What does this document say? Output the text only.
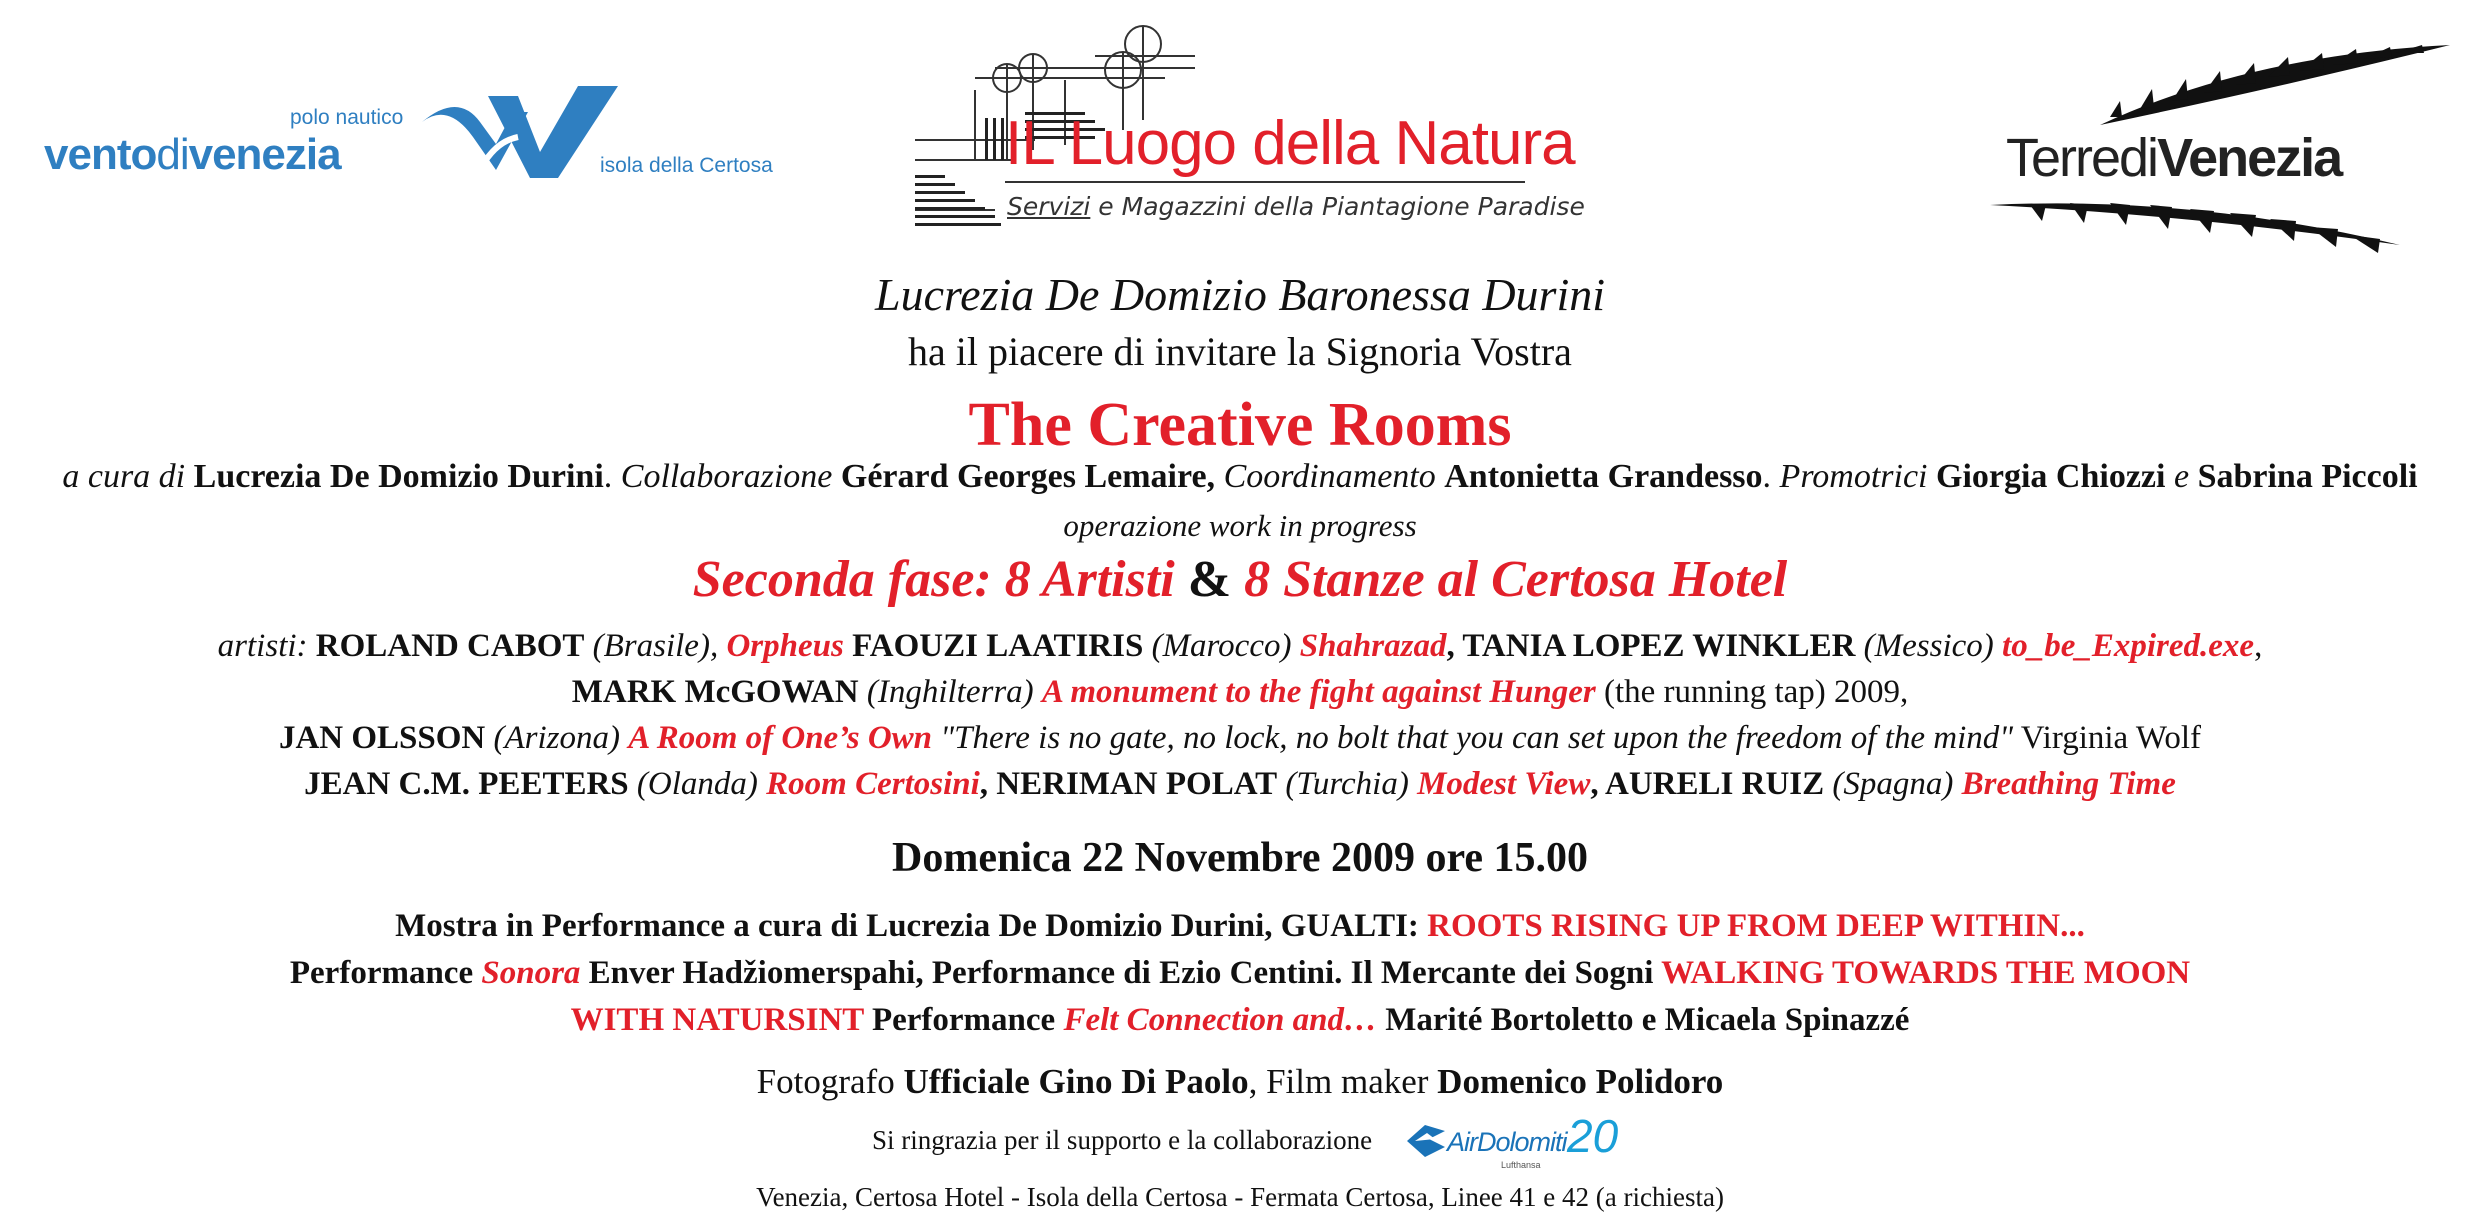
polo nautico
ventodivenezia	isola della Certosa	IL Luogo della Natura
Servizi e Magazzini della Piantagione Paradise
TerrediVenezia
Lucrezia De Domizio Baronessa Durini
ha il piacere di invitare la Signoria Vostra
The Creative Rooms
a cura di Lucrezia De Domizio Durini. Collaborazione Gérard Georges Lemaire, Coordinamento Antonietta Grandesso. Promotrici Giorgia Chiozzi e Sabrina Piccoli
operazione work in progress
Seconda fase: 8 Artisti & 8 Stanze al Certosa Hotel
artisti: ROLAND CABOT (Brasile), Orpheus FAOUZI LAATIRIS (Marocco) Shahrazad, TANIA LOPEZ WINKLER (Messico) to_be_Expired.exe,
MARK McGOWAN (Inghilterra) A monument to the fight against Hunger (the running tap) 2009,
JAN OLSSON (Arizona) A Room of One’s Own "There is no gate, no lock, no bolt that you can set upon the freedom of the mind" Virginia Wolf
JEAN C.M. PEETERS (Olanda) Room Certosini, NERIMAN POLAT (Turchia) Modest View, AURELI RUIZ (Spagna) Breathing Time
Domenica 22 Novembre 2009 ore 15.00
Mostra in Performance a cura di Lucrezia De Domizio Durini, GUALTI: ROOTS RISING UP FROM DEEP WITHIN...
Performance Sonora Enver Hadžiomerspahi, Performance di Ezio Centini. Il Mercante dei Sogni WALKING TOWARDS THE MOON
WITH NATURSINT Performance Felt Connection and… Marité Bortoletto e Micaela Spinazzé
Fotografo Ufficiale Gino Di Paolo, Film maker Domenico Polidoro
Si ringrazia per il supporto e la collaborazione	AirDolomiti
Lufthansa
20
Venezia, Certosa Hotel - Isola della Certosa - Fermata Certosa, Linee 41 e 42 (a richiesta)
